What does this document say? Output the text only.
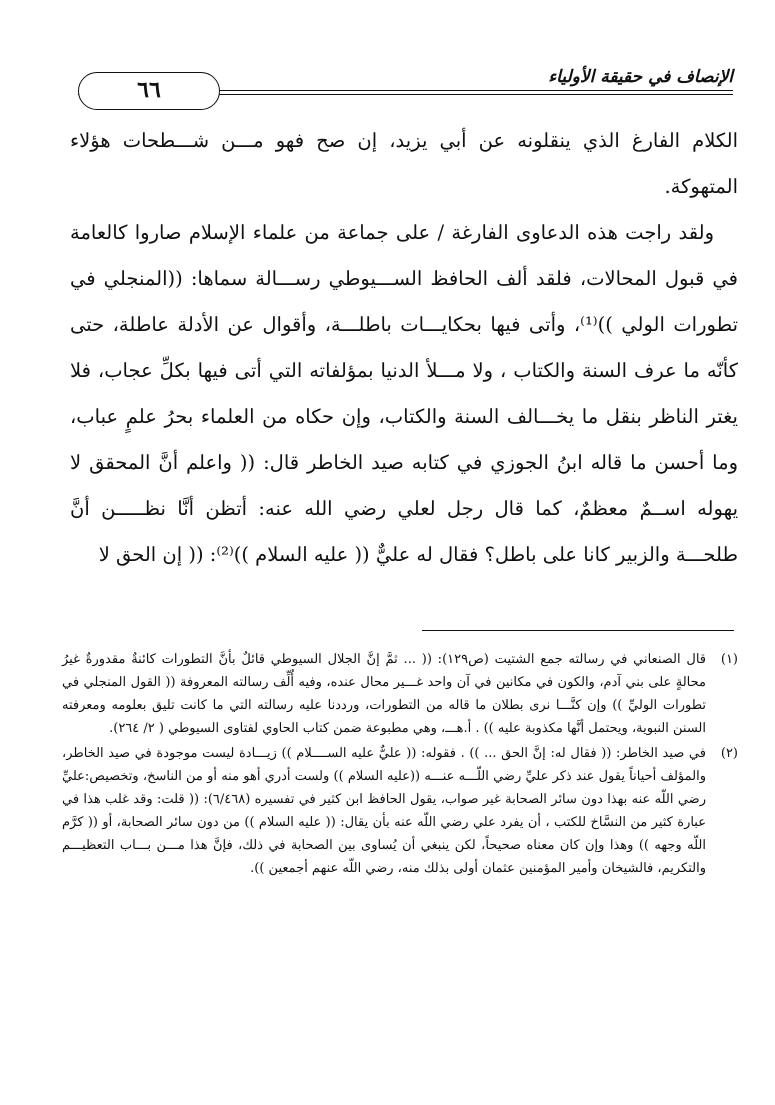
الإنصاف في حقيقة الأولياء
٦٦

الكلام الفارغ الذي ينقلونه عن أبي يزيد، إن صح فهو مـــن شـــطحات هؤلاء المتهوكة.

ولقد راجت هذه الدعاوى الفارغة / على جماعة من علماء الإسلام صاروا كالعامة في قبول المحالات، فلقد ألف الحافظ الســـيوطي رســـالة سماها: ((المنجلي في تطورات الولي ))⁽¹⁾، وأتى فيها بحكايـــات باطلـــة، وأقوال عن الأدلة عاطلة، حتى كأنّه ما عرف السنة والكتاب ، ولا مـــلأ الدنيا بمؤلفاته التي أتى فيها بكلِّ عجاب، فلا يغتر الناظر بنقل ما يخـــالف السنة والكتاب، وإن حكاه من العلماء بحرُ علمٍ عباب، وما أحسن ما قاله ابنُ الجوزي في كتابه صيد الخاطر قال: (( واعلم أنَّ المحقق لا يهوله اســمٌ معظمٌ، كما قال رجل لعلي رضي الله عنه: أتظن أنَّا نظـــــن أنَّ طلحـــة والزبير كانا على باطل؟ فقال له عليٌّ (( عليه السلام ))⁽²⁾: (( إن الحق لا

(١)
قال الصنعاني في رسالته جمع الشتيت (ص١٢٩): (( ... ثمَّ إنَّ الجلال السيوطي قائلٌ بأنَّ التطورات كائنةٌ مقدورةٌ غيرُ محالةٍ على بني آدم، والكون في مكانين في آن واحد غـــير محال عنده، وفيه أُلِّف رسالته المعروفة (( القول المنجلي في تطورات الوليِّ )) وإن كنَّـــا نرى بطلان ما قاله من التطورات، ورددنا عليه رسالته التي ما كانت تليق بعلومه ومعرفته السنن النبوية، ويحتمل أنَّها مكذوبة عليه )) . أ.هـــ، وهي مطبوعة ضمن كتاب الحاوي لفتاوى السيوطي ( ٢/ ٢٦٤).
(٢)
في صيد الخاطر: (( فقال له: إنَّ الحق ... )) . فقوله: (( عليٌّ عليه الســــلام )) زيـــادة ليست موجودة في صيد الخاطر، والمؤلف أحياناً يقول عند ذكر عليِّ رضي اللّـــه عنـــه ((عليه السلام )) ولست أدري أهو منه أو من الناسخ، وتخصيص:عليِّ رضي اللّه عنه بهذا دون سائر الصحابة غير صواب، يقول الحافظ ابن كثير في تفسيره (٦/٤٦٨): (( قلت: وقد غلب هذا في عبارة كثير من النسَّاخ للكتب ، أن يفرد علي رضي اللّه عنه بأن يقال: (( عليه السلام )) من دون سائر الصحابة، أو (( كرَّم اللّه وجهه )) وهذا وإن كان معناه صحيحاً، لكن ينبغي أن يُساوى بين الصحابة في ذلك، فإنَّ هذا مـــن بـــاب التعظيـــم والتكريم، فالشيخان وأمير المؤمنين عثمان أولى بذلك منه، رضي اللّه عنهم أجمعين )).
